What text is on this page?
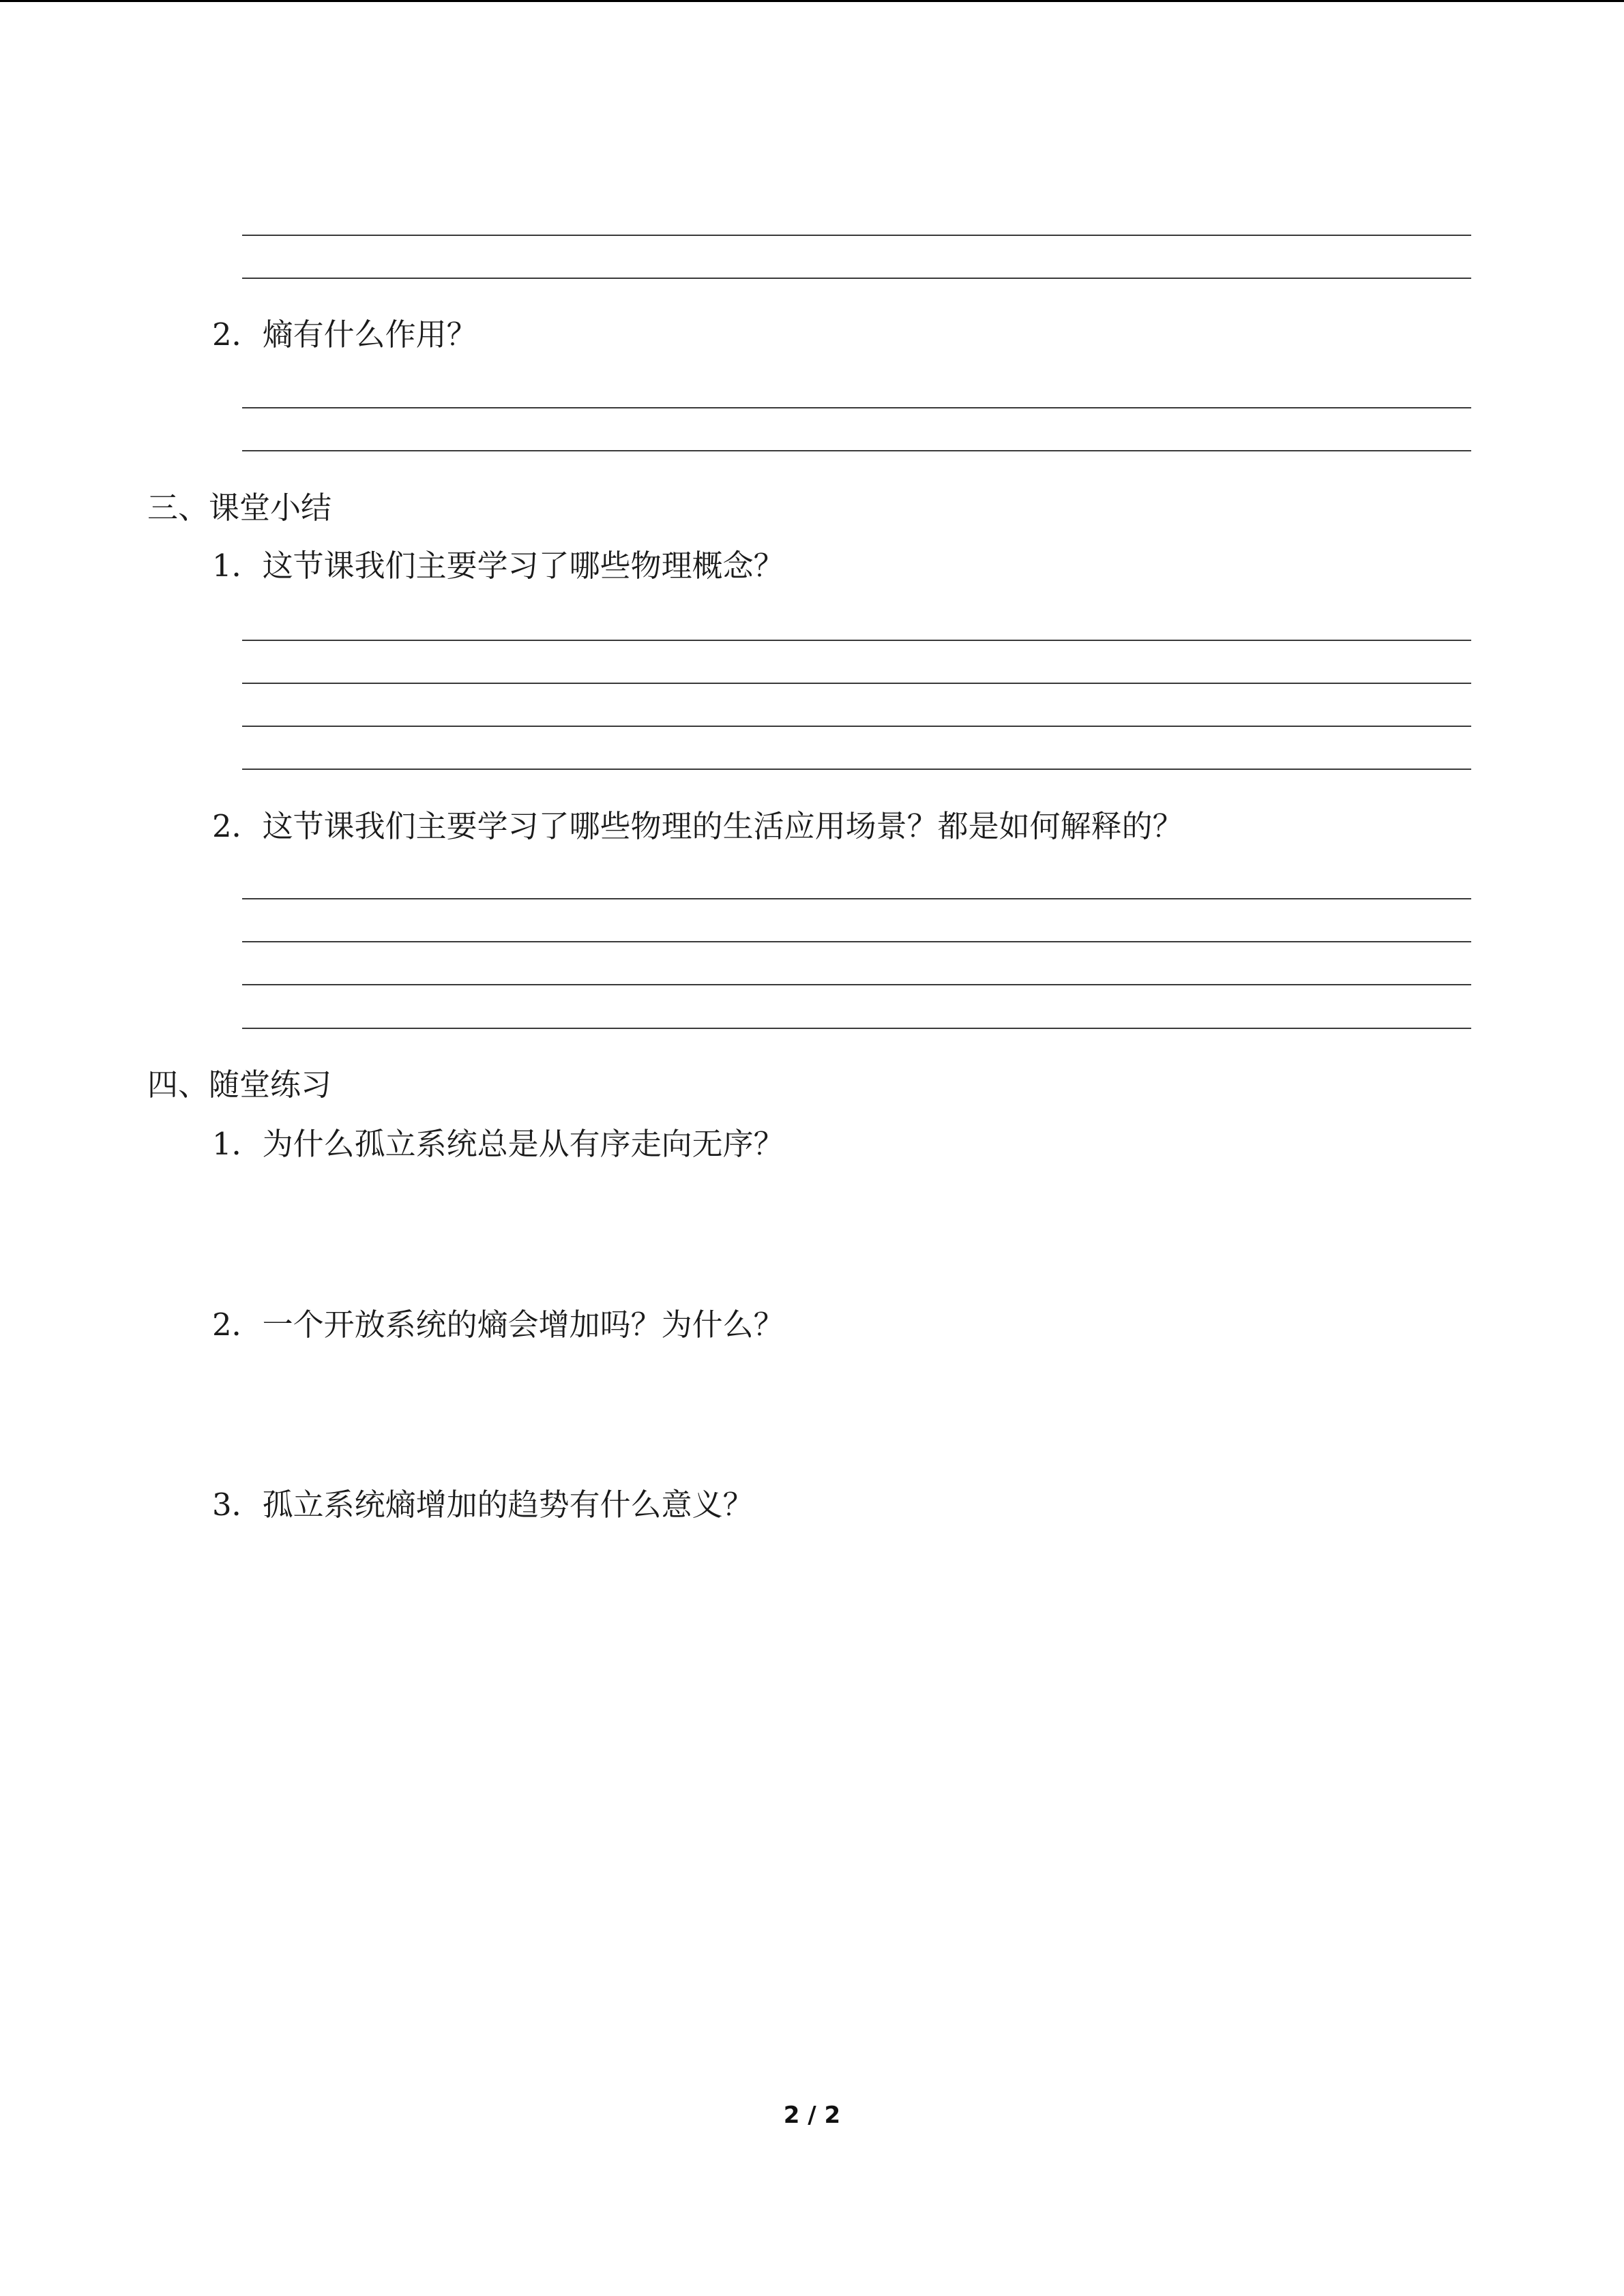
2．熵有什么作用？

三、课堂小结

1．这节课我们主要学习了哪些物理概念？

2．这节课我们主要学习了哪些物理的生活应用场景？都是如何解释的？

四、随堂练习

1．为什么孤立系统总是从有序走向无序？

2．一个开放系统的熵会增加吗？为什么？

3．孤立系统熵增加的趋势有什么意义？

2 / 2
